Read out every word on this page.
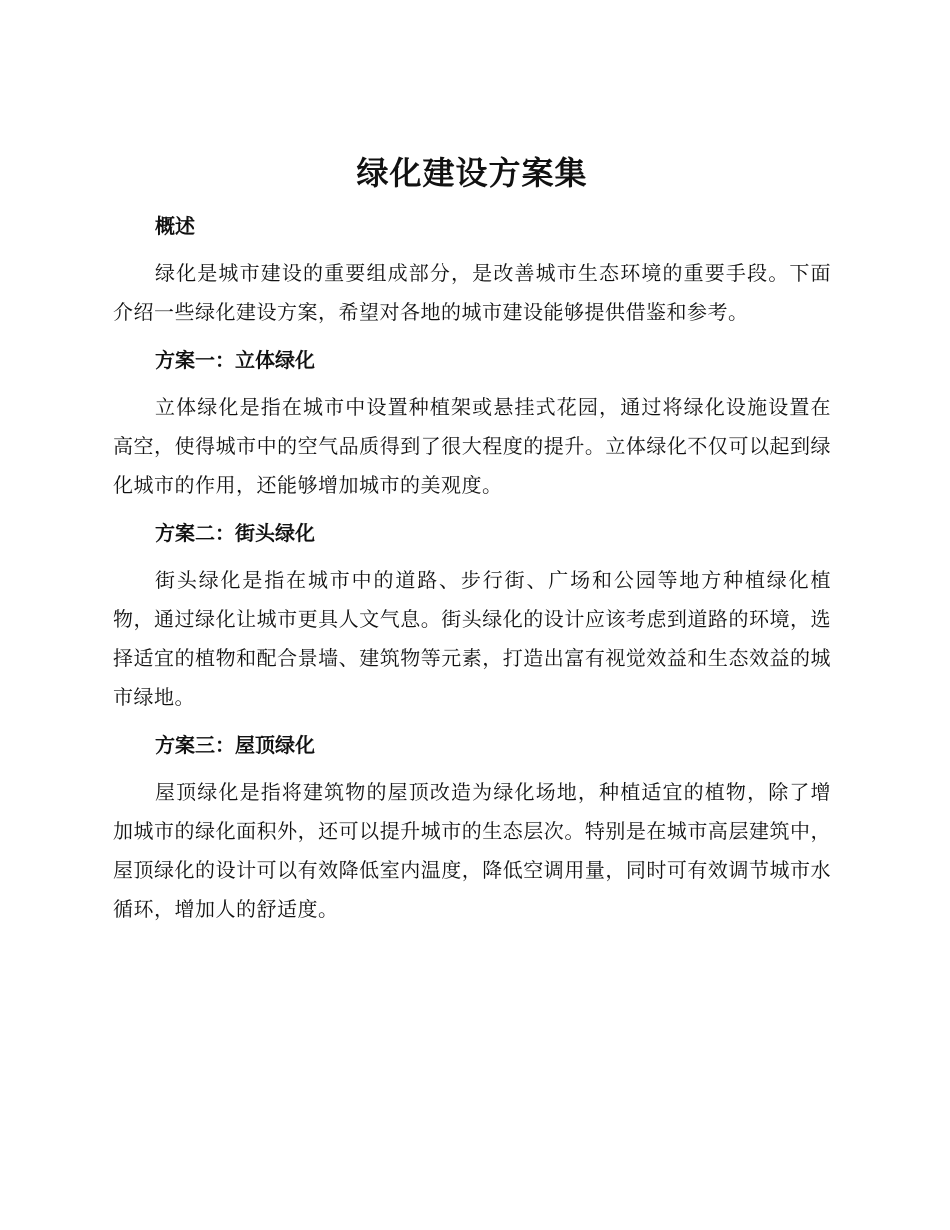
绿化建设方案集
概述

绿化是城市建设的重要组成部分，是改善城市生态环境的重要手段。下面介绍一些绿化建设方案，希望对各地的城市建设能够提供借鉴和参考。

方案一：立体绿化

立体绿化是指在城市中设置种植架或悬挂式花园，通过将绿化设施设置在高空，使得城市中的空气品质得到了很大程度的提升。立体绿化不仅可以起到绿化城市的作用，还能够增加城市的美观度。

方案二：街头绿化

街头绿化是指在城市中的道路、步行街、广场和公园等地方种植绿化植物，通过绿化让城市更具人文气息。街头绿化的设计应该考虑到道路的环境，选择适宜的植物和配合景墙、建筑物等元素，打造出富有视觉效益和生态效益的城市绿地。

方案三：屋顶绿化

屋顶绿化是指将建筑物的屋顶改造为绿化场地，种植适宜的植物，除了增加城市的绿化面积外，还可以提升城市的生态层次。特别是在城市高层建筑中，屋顶绿化的设计可以有效降低室内温度，降低空调用量，同时可有效调节城市水循环，增加人的舒适度。
